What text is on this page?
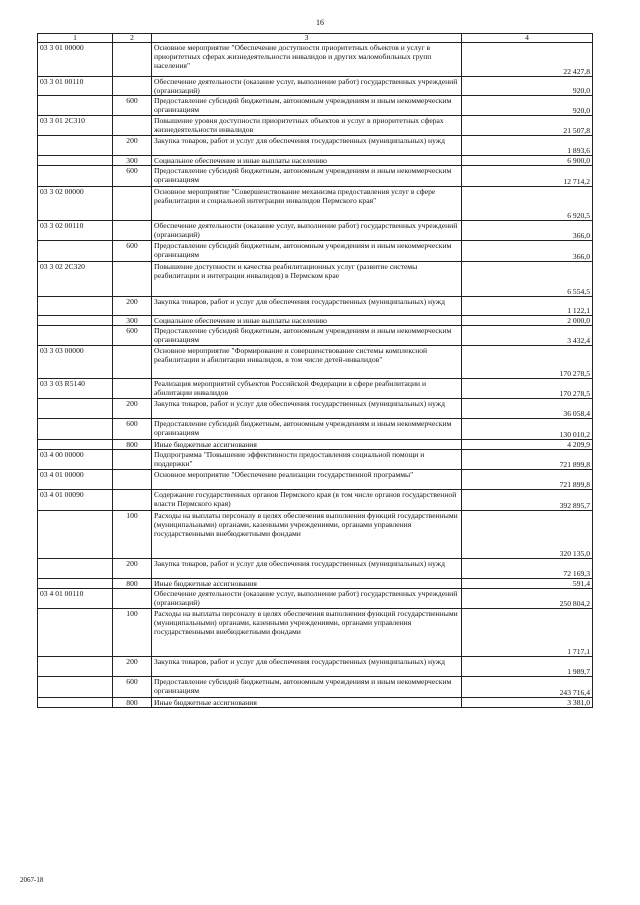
16
1	2	3	4
03 3 01 00000		Основное мероприятие "Обеспечение доступности приоритетных объектов и услуг в приоритетных сферах жизнедеятельности инвалидов и других маломобильных групп населения"	22 427,8
03 3 01 00110		Обеспечение деятельности (оказание услуг, выполнение работ) государственных учреждений (организаций)	920,0
	600	Предоставление субсидий бюджетным, автономным учреждениям и иным некоммерческим организациям	920,0
03 3 01 2С310		Повышение уровня доступности приоритетных объектов и услуг в приоритетных сферах жизнедеятельности инвалидов	21 507,8
	200	Закупка товаров, работ и услуг для обеспечения государственных (муниципальных) нужд	1 893,6
	300	Социальное обеспечение и иные выплаты населению	6 900,0
	600	Предоставление субсидий бюджетным, автономным учреждениям и иным некоммерческим организациям	12 714,2
03 3 02 00000		Основное мероприятие "Совершенствование механизма предоставления услуг в сфере реабилитации и социальной интеграции инвалидов Пермского края"	6 920,5
03 3 02 00110		Обеспечение деятельности (оказание услуг, выполнение работ) государственных учреждений (организаций)	366,0
	600	Предоставление субсидий бюджетным, автономным учреждениям и иным некоммерческим организациям	366,0
03 3 02 2С320		Повышение доступности и качества реабилитационных услуг (развитие системы реабилитации и интеграции инвалидов) в Пермском крае	6 554,5
	200	Закупка товаров, работ и услуг для обеспечения государственных (муниципальных) нужд	1 122,1
	300	Социальное обеспечение и иные выплаты населению	2 000,0
	600	Предоставление субсидий бюджетным, автономным учреждениям и иным некоммерческим организациям	3 432,4
03 3 03 00000		Основное мероприятие "Формирование и совершенствование системы комплексной реабилитации и абилитации инвалидов, в том числе детей-инвалидов"	170 278,5
03 3 03 R5140		Реализация мероприятий субъектов Российской Федерации в сфере реабилитации и абилитации инвалидов	170 278,5
	200	Закупка товаров, работ и услуг для обеспечения государственных (муниципальных) нужд	36 058,4
	600	Предоставление субсидий бюджетным, автономным учреждениям и иным некоммерческим организациям	130 010,2
	800	Иные бюджетные ассигнования	4 209,9
03 4 00 00000		Подпрограмма "Повышение эффективности предоставления социальной помощи и поддержки"	721 899,8
03 4 01 00000		Основное мероприятие "Обеспечение реализации государственной программы"	721 899,8
03 4 01 00090		Содержание государственных органов Пермского края (в том числе органов государственной власти Пермского края)	392 895,7
	100	Расходы на выплаты персоналу в целях обеспечения выполнения функций государственными (муниципальными) органами, казенными учреждениями, органами управления государственными внебюджетными фондами	320 135,0
	200	Закупка товаров, работ и услуг для обеспечения государственных (муниципальных) нужд	72 169,3
	800	Иные бюджетные ассигнования	591,4
03 4 01 00110		Обеспечение деятельности (оказание услуг, выполнение работ) государственных учреждений (организаций)	250 804,2
	100	Расходы на выплаты персоналу в целях обеспечения выполнения функций государственными (муниципальными) органами, казенными учреждениями, органами управления государственными внебюджетными фондами	1 717,1
	200	Закупка товаров, работ и услуг для обеспечения государственных (муниципальных) нужд	1 989,7
	600	Предоставление субсидий бюджетным, автономным учреждениям и иным некоммерческим организациям	243 716,4
	800	Иные бюджетные ассигнования	3 381,0
2067-18
